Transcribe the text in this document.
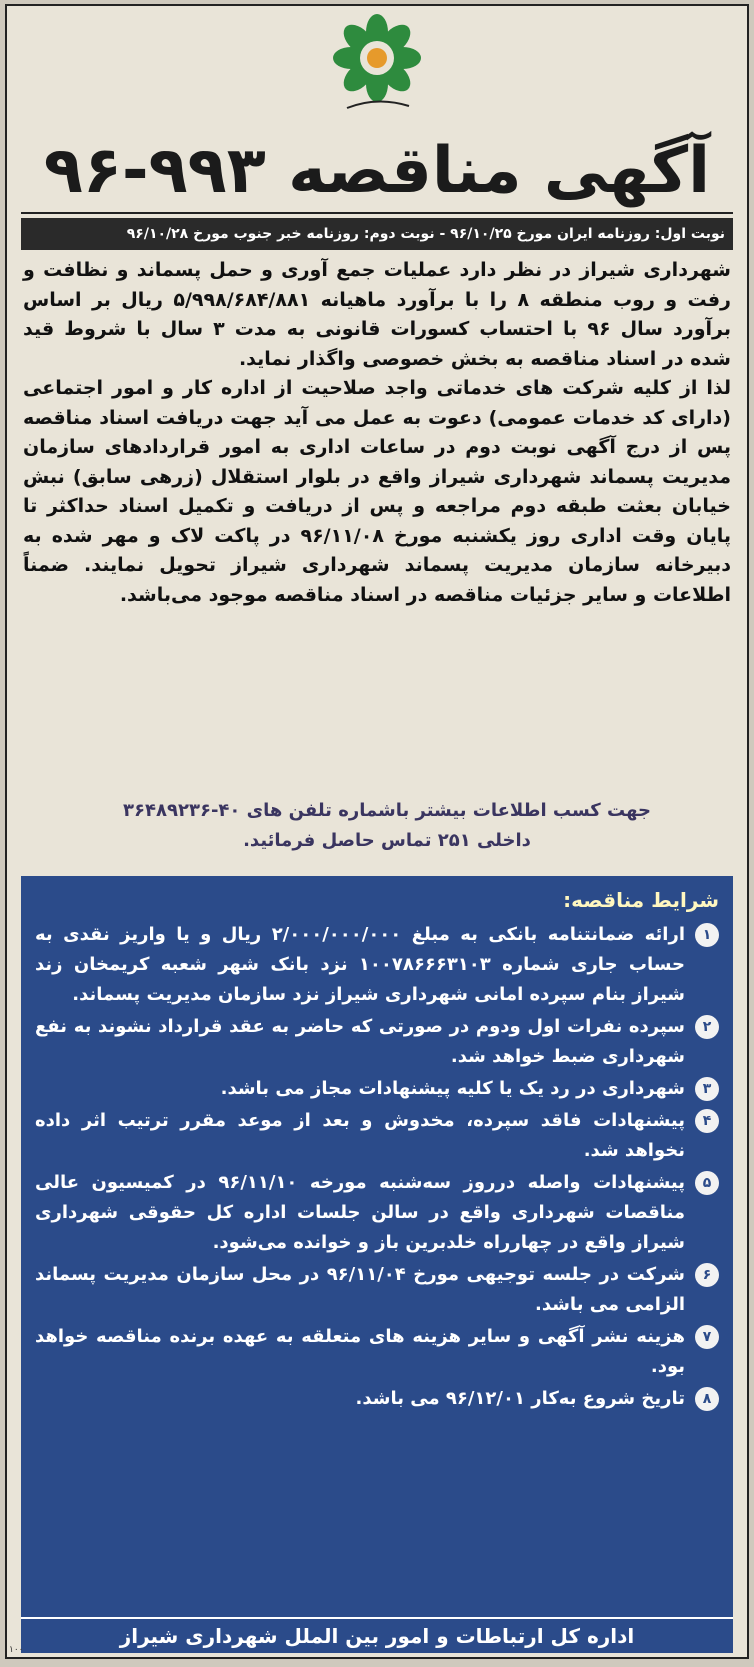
آگهی مناقصه ۹۹۳-۹۶
نوبت اول: روزنامه ایران مورخ ۹۶/۱۰/۲۵ - نوبت دوم: روزنامه خبر جنوب مورخ ۹۶/۱۰/۲۸

شهرداری شیراز در نظر دارد عملیات جمع آوری و حمل پسماند و نظافت و رفت و روب منطقه ۸ را با برآورد ماهیانه ۵/۹۹۸/۶۸۴/۸۸۱ ریال بر اساس برآورد سال ۹۶ با احتساب کسورات قانونی به مدت ۳ سال با شروط قید شده در اسناد مناقصه به بخش خصوصی واگذار نماید.

لذا از کلیه شرکت های خدماتی واجد صلاحیت از اداره کار و امور اجتماعی (دارای کد خدمات عمومی) دعوت به عمل می آید جهت دریافت اسناد مناقصه پس از درج آگهی نوبت دوم در ساعات اداری به امور قراردادهای سازمان مدیریت پسماند شهرداری شیراز واقع در بلوار استقلال (زرهی سابق) نبش خیابان بعثت طبقه دوم مراجعه و پس از دریافت و تکمیل اسناد حداکثر تا پایان وقت اداری روز یکشنبه مورخ ۹۶/۱۱/۰۸ در پاکت لاک و مهر شده به دبیرخانه سازمان مدیریت پسماند شهرداری شیراز تحویل نمایند. ضمناً اطلاعات و سایر جزئیات مناقصه در اسناد مناقصه موجود می‌باشد.

جهت کسب اطلاعات بیشتر باشماره تلفن های ۴۰-۳۶۴۸۹۲۳۶
داخلی ۲۵۱ تماس حاصل فرمائید.
شرایط مناقصه:
۱
ارائه ضمانتنامه بانکی به مبلغ ۲/۰۰۰/۰۰۰/۰۰۰ ریال و یا واریز نقدی به حساب جاری شماره ۱۰۰۷۸۶۶۶۳۱۰۳ نزد بانک شهر شعبه کریمخان زند شیراز بنام سپرده امانی شهرداری شیراز نزد سازمان مدیریت پسماند.
۲
سپرده نفرات اول ودوم در صورتی که حاضر به عقد قرارداد نشوند به نفع شهرداری ضبط خواهد شد.
۳
شهرداری در رد یک یا کلیه پیشنهادات مجاز می باشد.
۴
پیشنهادات فاقد سپرده، مخدوش و بعد از موعد مقرر ترتیب اثر داده نخواهد شد.
۵
پیشنهادات واصله درروز سه‌شنبه مورخه ۹۶/۱۱/۱۰ در کمیسیون عالی مناقصات شهرداری واقع در سالن جلسات اداره کل حقوقی شهرداری شیراز واقع در چهارراه خلدبرین باز و خوانده می‌شود.
۶
شرکت در جلسه توجیهی مورخ ۹۶/۱۱/۰۴ در محل سازمان مدیریت پسماند الزامی می باشد.
۷
هزینه نشر آگهی و سایر هزینه های متعلقه به عهده برنده مناقصه خواهد بود.
۸
تاریخ شروع به‌کار ۹۶/۱۲/۰۱ می باشد.
اداره کل ارتباطات و امور بین الملل شهرداری شیراز
۱۰۰
